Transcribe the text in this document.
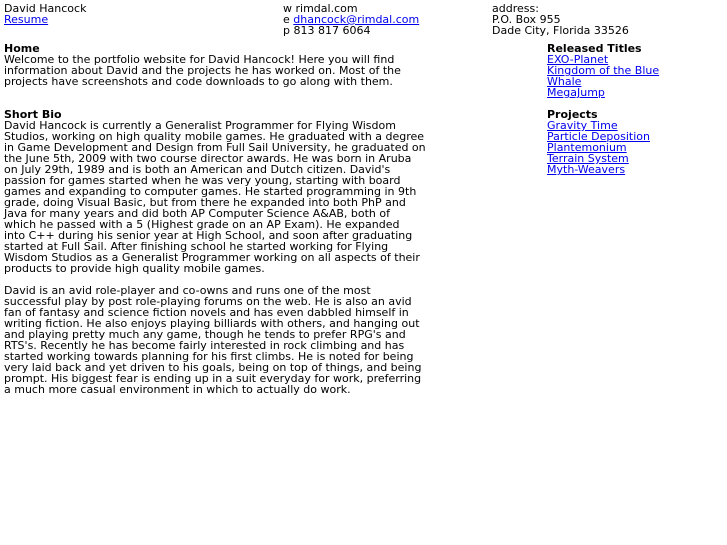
David Hancock
Resume
w rimdal.com
e dhancock@rimdal.com
p 813 817 6064
address:
P.O. Box 955
Dade City, Florida 33526
Home
Welcome to the portfolio website for David Hancock! Here you will find
information about David and the projects he has worked on. Most of the
projects have screenshots and code downloads to go along with them.
Short Bio
David Hancock is currently a Generalist Programmer for Flying Wisdom
Studios, working on high quality mobile games. He graduated with a degree
in Game Development and Design from Full Sail University, he graduated on
the June 5th, 2009 with two course director awards. He was born in Aruba
on July 29th, 1989 and is both an American and Dutch citizen. David's
passion for games started when he was very young, starting with board
games and expanding to computer games. He started programming in 9th
grade, doing Visual Basic, but from there he expanded into both PhP and
Java for many years and did both AP Computer Science A&AB, both of
which he passed with a 5 (Highest grade on an AP Exam). He expanded
into C++ during his senior year at High School, and soon after graduating
started at Full Sail. After finishing school he started working for Flying
Wisdom Studios as a Generalist Programmer working on all aspects of their
products to provide high quality mobile games.
David is an avid role-player and co-owns and runs one of the most
successful play by post role-playing forums on the web. He is also an avid
fan of fantasy and science fiction novels and has even dabbled himself in
writing fiction. He also enjoys playing billiards with others, and hanging out
and playing pretty much any game, though he tends to prefer RPG's and
RTS's. Recently he has become fairly interested in rock climbing and has
started working towards planning for his first climbs. He is noted for being
very laid back and yet driven to his goals, being on top of things, and being
prompt. His biggest fear is ending up in a suit everyday for work, preferring
a much more casual environment in which to actually do work.
Released Titles
EXO-Planet
Kingdom of the Blue
Whale
MegaJump
Projects
Gravity Time
Particle Deposition
Plantemonium
Terrain System
Myth-Weavers
